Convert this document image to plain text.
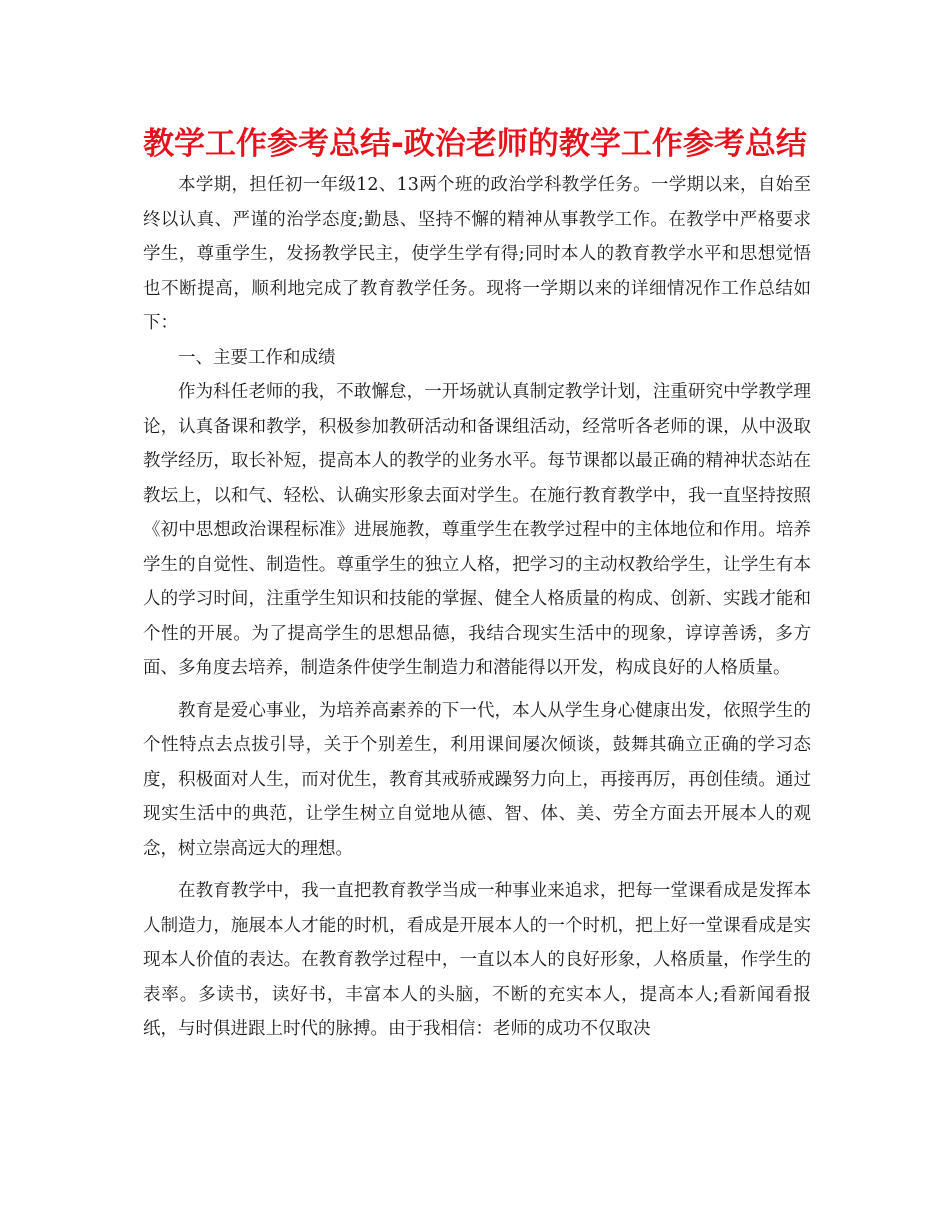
教学工作参考总结-政治老师的教学工作参考总结

本学期，担任初一年级12、13两个班的政治学科教学任务。一学期以来，自始至终以认真、严谨的治学态度;勤恳、坚持不懈的精神从事教学工作。在教学中严格要求学生，尊重学生，发扬教学民主，使学生学有得;同时本人的教育教学水平和思想觉悟也不断提高，顺利地完成了教育教学任务。现将一学期以来的详细情况作工作总结如下：

一、主要工作和成绩

作为科任老师的我，不敢懈怠，一开场就认真制定教学计划，注重研究中学教学理论，认真备课和教学，积极参加教研活动和备课组活动，经常听各老师的课，从中汲取教学经历，取长补短，提高本人的教学的业务水平。每节课都以最正确的精神状态站在教坛上，以和气、轻松、认确实形象去面对学生。在施行教育教学中，我一直坚持按照《初中思想政治课程标准》进展施教，尊重学生在教学过程中的主体地位和作用。培养学生的自觉性、制造性。尊重学生的独立人格，把学习的主动权教给学生，让学生有本人的学习时间，注重学生知识和技能的掌握、健全人格质量的构成、创新、实践才能和个性的开展。为了提高学生的思想品德，我结合现实生活中的现象，谆谆善诱，多方面、多角度去培养，制造条件使学生制造力和潜能得以开发，构成良好的人格质量。

教育是爱心事业，为培养高素养的下一代，本人从学生身心健康出发，依照学生的个性特点去点拔引导，关于个别差生，利用课间屡次倾谈，鼓舞其确立正确的学习态度，积极面对人生，而对优生，教育其戒骄戒躁努力向上，再接再厉，再创佳绩。通过现实生活中的典范，让学生树立自觉地从德、智、体、美、劳全方面去开展本人的观念，树立崇高远大的理想。

在教育教学中，我一直把教育教学当成一种事业来追求，把每一堂课看成是发挥本人制造力，施展本人才能的时机，看成是开展本人的一个时机，把上好一堂课看成是实现本人价值的表达。在教育教学过程中，一直以本人的良好形象，人格质量，作学生的表率。多读书，读好书，丰富本人的头脑，不断的充实本人，提高本人;看新闻看报纸，与时俱进跟上时代的脉搏。由于我相信：老师的成功不仅取决
